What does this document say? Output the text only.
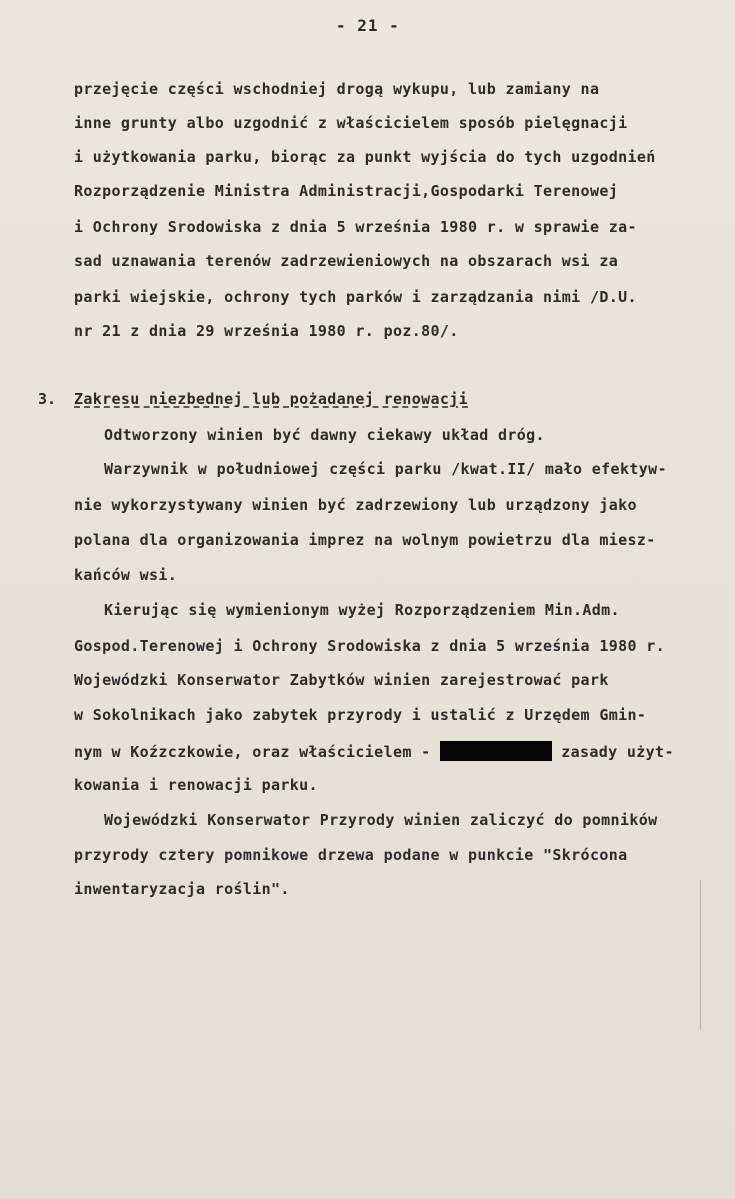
- 21 -
przejęcie części wschodniej drogą wykupu, lub zamiany na
inne grunty albo uzgodnić z właścicielem sposób pielęgnacji
i użytkowania parku, biorąc za punkt wyjścia do tych uzgodnień
Rozporządzenie Ministra Administracji,Gospodarki Terenowej
i Ochrony Srodowiska z dnia 5 września 1980 r. w sprawie za-
sad uznawania terenów zadrzewieniowych na obszarach wsi za
parki wiejskie, ochrony tych parków i zarządzania nimi /D.U.
nr 21 z dnia 29 września 1980 r. poz.80/.
3. Zakresu niezbednej lub pożadanej renowacji
Odtworzony winien być dawny ciekawy układ dróg.
Warzywnik w południowej części parku /kwat.II/ mało efektyw-
nie wykorzystywany winien być zadrzewiony lub urządzony jako
polana dla organizowania imprez na wolnym powietrzu dla miesz-
kańców wsi.
Kierując się wymienionym wyżej Rozporządzeniem Min.Adm.
Gospod.Terenowej i Ochrony Srodowiska z dnia 5 września 1980 r.
Wojewódzki Konserwator Zabytków winien zarejestrować park
w Sokolnikach jako zabytek przyrody i ustalić z Urzędem Gmin-
nym w Koźzczkowie, oraz właścicielem -	zasady użyt-
kowania i renowacji parku.
Wojewódzki Konserwator Przyrody winien zaliczyć do pomników
przyrody cztery pomnikowe drzewa podane w punkcie "Skrócona
inwentaryzacja roślin".
